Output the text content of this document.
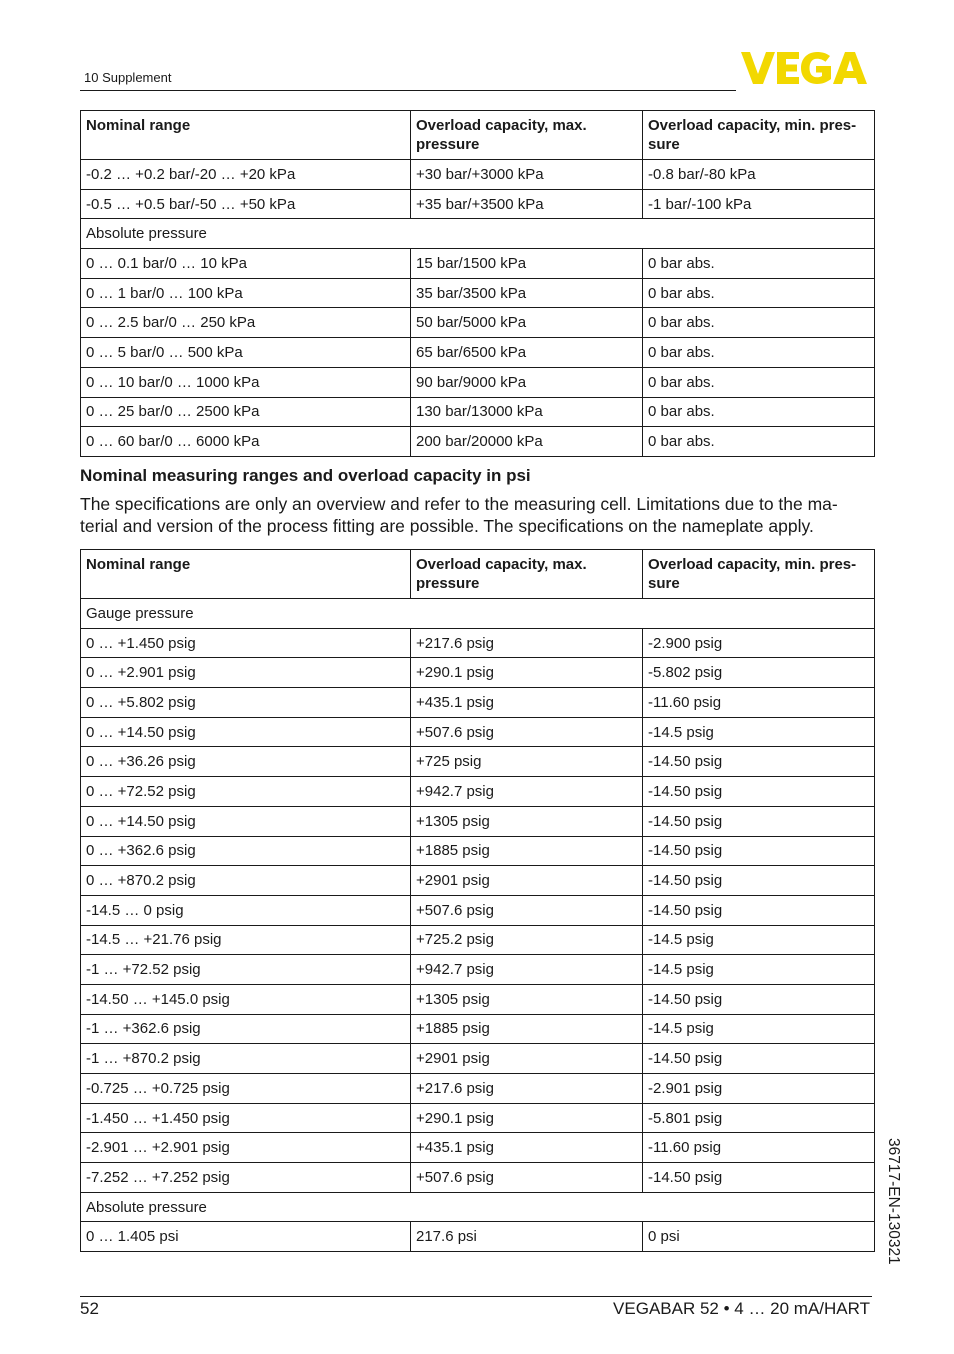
10 Supplement
Nominal range	Overload capacity, max. pressure	Overload capacity, min. pres- sure
-0.2 … +0.2 bar/-20 … +20 kPa	+30 bar/+3000 kPa	-0.8 bar/-80 kPa
-0.5 … +0.5 bar/-50 … +50 kPa	+35 bar/+3500 kPa	-1 bar/-100 kPa
Absolute pressure		
0 … 0.1 bar/0 … 10 kPa	15 bar/1500 kPa	0 bar abs.
0 … 1 bar/0 … 100 kPa	35 bar/3500 kPa	0 bar abs.
0 … 2.5 bar/0 … 250 kPa	50 bar/5000 kPa	0 bar abs.
0 … 5 bar/0 … 500 kPa	65 bar/6500 kPa	0 bar abs.
0 … 10 bar/0 … 1000 kPa	90 bar/9000 kPa	0 bar abs.
0 … 25 bar/0 … 2500 kPa	130 bar/13000 kPa	0 bar abs.
0 … 60 bar/0 … 6000 kPa	200 bar/20000 kPa	0 bar abs.
Nominal measuring ranges and overload capacity in psi
The specifications are only an overview and refer to the measuring cell. Limitations due to the ma- terial and version of the process fitting are possible. The specifications on the nameplate apply.
Nominal range	Overload capacity, max. pressure	Overload capacity, min. pres- sure
Gauge pressure		
0 … +1.450 psig	+217.6 psig	-2.900 psig
0 … +2.901 psig	+290.1 psig	-5.802 psig
0 … +5.802 psig	+435.1 psig	-11.60 psig
0 … +14.50 psig	+507.6 psig	-14.5 psig
0 … +36.26 psig	+725 psig	-14.50 psig
0 … +72.52 psig	+942.7 psig	-14.50 psig
0 … +14.50 psig	+1305 psig	-14.50 psig
0 … +362.6 psig	+1885 psig	-14.50 psig
0 … +870.2 psig	+2901 psig	-14.50 psig
-14.5 … 0 psig	+507.6 psig	-14.50 psig
-14.5 … +21.76 psig	+725.2 psig	-14.5 psig
-1 … +72.52 psig	+942.7 psig	-14.5 psig
-14.50 … +145.0 psig	+1305 psig	-14.50 psig
-1 … +362.6 psig	+1885 psig	-14.5 psig
-1 … +870.2 psig	+2901 psig	-14.50 psig
-0.725 … +0.725 psig	+217.6 psig	-2.901 psig
-1.450 … +1.450 psig	+290.1 psig	-5.801 psig
-2.901 … +2.901 psig	+435.1 psig	-11.60 psig
-7.252 … +7.252 psig	+507.6 psig	-14.50 psig
Absolute pressure		
0 … 1.405 psi	217.6 psi	0 psi
52	VEGABAR 52 • 4 … 20 mA/HART
36717-EN-130321
